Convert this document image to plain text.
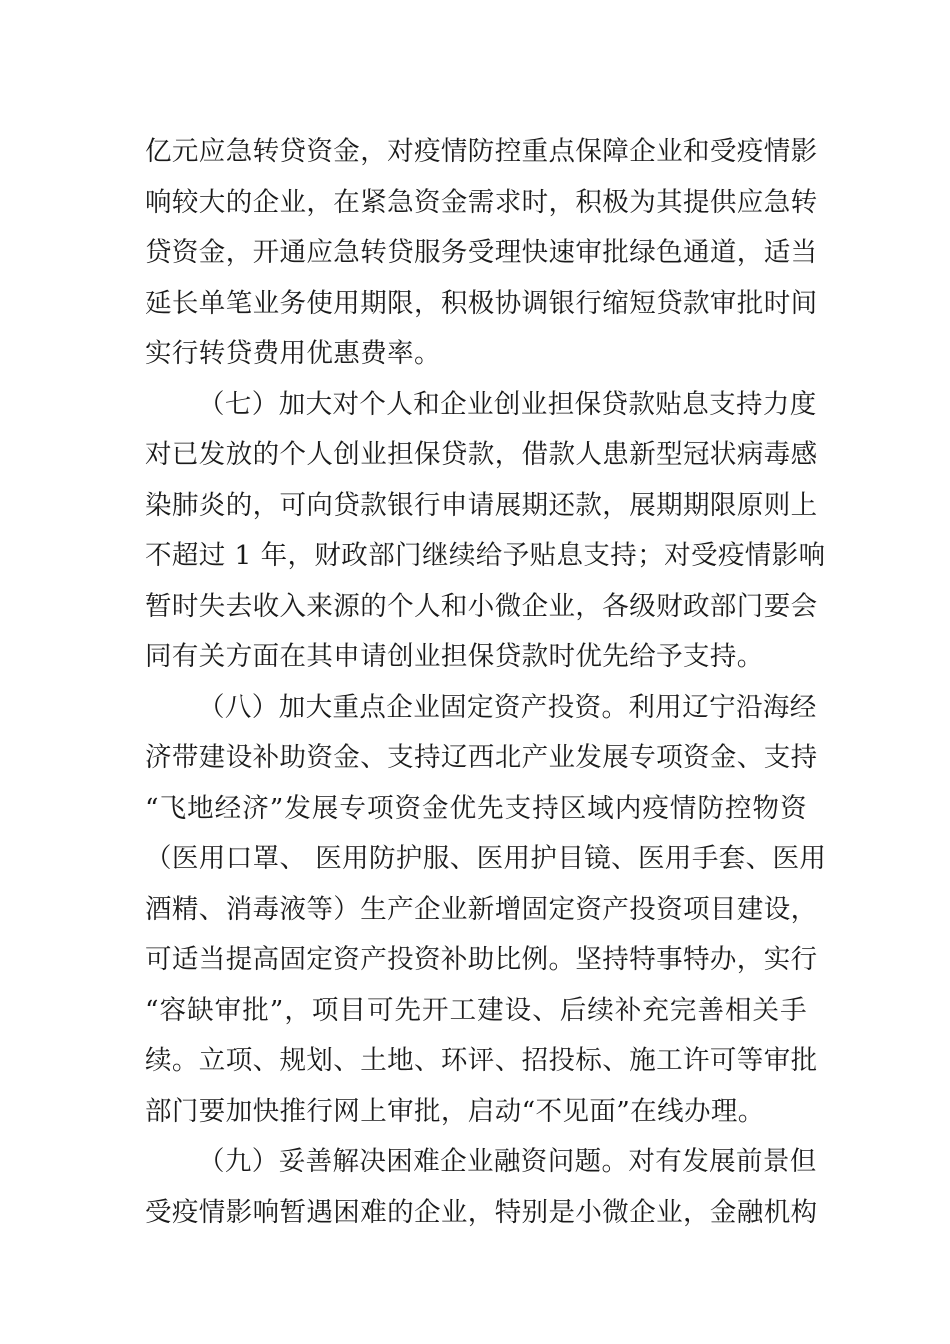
亿元应急转贷资金，对疫情防控重点保障企业和受疫情影
响较大的企业，在紧急资金需求时，积极为其提供应急转
贷资金，开通应急转贷服务受理快速审批绿色通道，适当
延长单笔业务使用期限，积极协调银行缩短贷款审批时间
实行转贷费用优惠费率。
（七）加大对个人和企业创业担保贷款贴息支持力度
对已发放的个人创业担保贷款，借款人患新型冠状病毒感
染肺炎的，可向贷款银行申请展期还款，展期期限原则上
不超过 1 年，财政部门继续给予贴息支持；对受疫情影响
暂时失去收入来源的个人和小微企业，各级财政部门要会
同有关方面在其申请创业担保贷款时优先给予支持。
（八）加大重点企业固定资产投资。利用辽宁沿海经
济带建设补助资金、支持辽西北产业发展专项资金、支持
“飞地经济”发展专项资金优先支持区域内疫情防控物资
（医用口罩、 医用防护服、医用护目镜、医用手套、医用
酒精、消毒液等）生产企业新增固定资产投资项目建设，
可适当提高固定资产投资补助比例。坚持特事特办，实行
“容缺审批”，项目可先开工建设、后续补充完善相关手
续。立项、规划、土地、环评、招投标、施工许可等审批
部门要加快推行网上审批，启动“不见面”在线办理。
（九）妥善解决困难企业融资问题。对有发展前景但
受疫情影响暂遇困难的企业，特别是小微企业，金融机构
